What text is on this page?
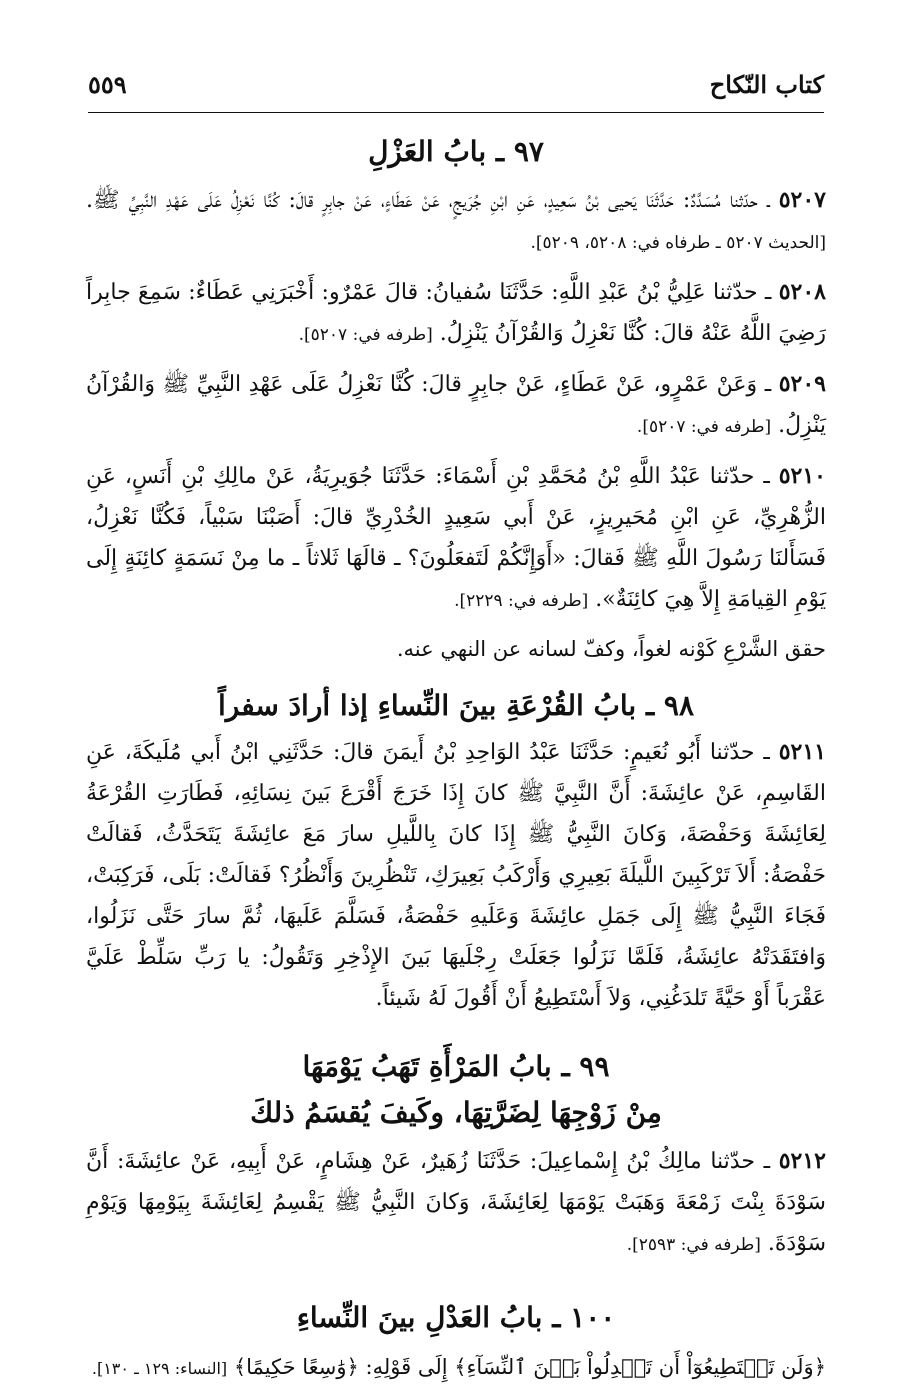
كتاب النّكاح
٥٥٩
٩٧ ـ بابُ العَزْلِ

٥٢٠٧ ـ حدّثنا مُسَدَّدٌ: حَدَّثَنَا يَحيى بْنُ سَعِيدٍ، عَنِ ابْنِ جُرَيجٍ، عَنْ عَطَاءٍ، عَنْ جابِرٍ قالَ: كُنَّا نَعْزِلُ عَلَى عَهْدِ النَّبِيِّ ﷺ. [الحديث ٥٢٠٧ ـ طرفاه في: ٥٢٠٨، ٥٢٠٩].

٥٢٠٨ ـ حدّثنا عَلِيُّ بْنُ عَبْدِ اللَّهِ: حَدَّثَنَا سُفيانُ: قالَ عَمْرٌو: أَخْبَرَنِي عَطَاءٌ: سَمِعَ جابِراً رَضِيَ اللَّهُ عَنْهُ قالَ: كُنَّا نَعْزِلُ وَالقُرْآنُ يَنْزِلُ. [طرفه في: ٥٢٠٧].

٥٢٠٩ ـ وَعَنْ عَمْرٍو، عَنْ عَطَاءٍ، عَنْ جابِرٍ قالَ: كُنَّا نَعْزِلُ عَلَى عَهْدِ النَّبِيِّ ﷺ وَالقُرْآنُ يَنْزِلُ. [طرفه في: ٥٢٠٧].

٥٢١٠ ـ حدّثنا عَبْدُ اللَّهِ بْنُ مُحَمَّدِ بْنِ أَسْمَاءَ: حَدَّثَنَا جُوَيرِيَةُ، عَنْ مالِكِ بْنِ أَنَسٍ، عَنِ الزُّهْرِيِّ، عَنِ ابْنِ مُحَيرِيزٍ، عَنْ أَبي سَعِيدٍ الخُدْرِيِّ قالَ: أَصَبْنَا سَبْياً، فَكُنَّا نَعْزِلُ، فَسَأَلنَا رَسُولَ اللَّهِ ﷺ فَقالَ: «أَوَإِنَّكُمْ لَتَفعَلُونَ؟ ـ قالَهَا ثَلاثاً ـ ما مِنْ نَسَمَةٍ كائِنَةٍ إِلَى يَوْمِ القِيامَةِ إِلاَّ هِيَ كائِنَةٌ». [طرفه في: ٢٢٢٩].

حقق الشَّرْعِ كَوْنه لغواً، وكفّ لسانه عن النهي عنه.

٩٨ ـ بابُ القُرْعَةِ بينَ النِّساءِ إذا أرادَ سفراً

٥٢١١ ـ حدّثنا أَبُو نُعَيمٍ: حَدَّثَنَا عَبْدُ الوَاحِدِ بْنُ أَيمَنَ قالَ: حَدَّثَنِي ابْنُ أَبي مُلَيكَةَ، عَنِ القَاسِمِ، عَنْ عائِشَةَ: أَنَّ النَّبِيَّ ﷺ كانَ إِذَا خَرَجَ أَقْرَعَ بَينَ نِسَائِهِ، فَطَارَتِ القُرْعَةُ لِعَائِشَةَ وَحَفْصَةَ، وَكانَ النَّبِيُّ ﷺ إِذَا كانَ بِاللَّيلِ سارَ مَعَ عائِشَةَ يَتَحَدَّثُ، فَقالَتْ حَفْصَةُ: أَلاَ تَرْكَبِينَ اللَّيلَةَ بَعِيرِي وَأَرْكَبُ بَعِيرَكِ، تَنْظُرِينَ وَأَنْظُرُ؟ فَقالَتْ: بَلَى، فَرَكِبَتْ، فَجَاءَ النَّبِيُّ ﷺ إِلَى جَمَلِ عائِشَةَ وَعَلَيهِ حَفْصَةُ، فَسَلَّمَ عَلَيهَا، ثُمَّ سارَ حَتَّى نَزَلُوا، وَافتَقَدَتْهُ عائِشَةُ، فَلَمَّا نَزَلُوا جَعَلَتْ رِجْلَيهَا بَينَ الإِذْخِرِ وَتَقُولُ: يا رَبِّ سَلِّطْ عَلَيَّ عَقْرَباً أَوْ حَيَّةً تَلدَغُنِي، وَلاَ أَسْتَطِيعُ أَنْ أَقُولَ لَهُ شَيئاً.

٩٩ ـ بابُ المَرْأَةِ تَهَبُ يَوْمَهَا
مِنْ زَوْجِهَا لِضَرَّتِهَا، وكَيفَ يُقسَمُ ذلكَ

٥٢١٢ ـ حدّثنا مالِكُ بْنُ إِسْماعِيلَ: حَدَّثَنَا زُهَيرٌ، عَنْ هِشَامٍ، عَنْ أَبِيهِ، عَنْ عائِشَةَ: أَنَّ سَوْدَةَ بِنْتَ زَمْعَةَ وَهَبَتْ يَوْمَهَا لِعَائِشَةَ، وَكانَ النَّبِيُّ ﷺ يَقْسِمُ لِعَائِشَةَ بِيَوْمِهَا وَيَوْمِ سَوْدَةَ. [طرفه في: ٢٥٩٣].

١٠٠ ـ بابُ العَدْلِ بينَ النِّساءِ

﴿وَلَن تَسۡتَطِيعُوٓاْ أَن تَعۡدِلُواْ بَيۡنَ ٱلنِّسَآءِ﴾ إِلَى قَوْلِهِ: ﴿وَٰسِعًا حَكِيمًا﴾ [النساء: ١٢٩ ـ ١٣٠].
